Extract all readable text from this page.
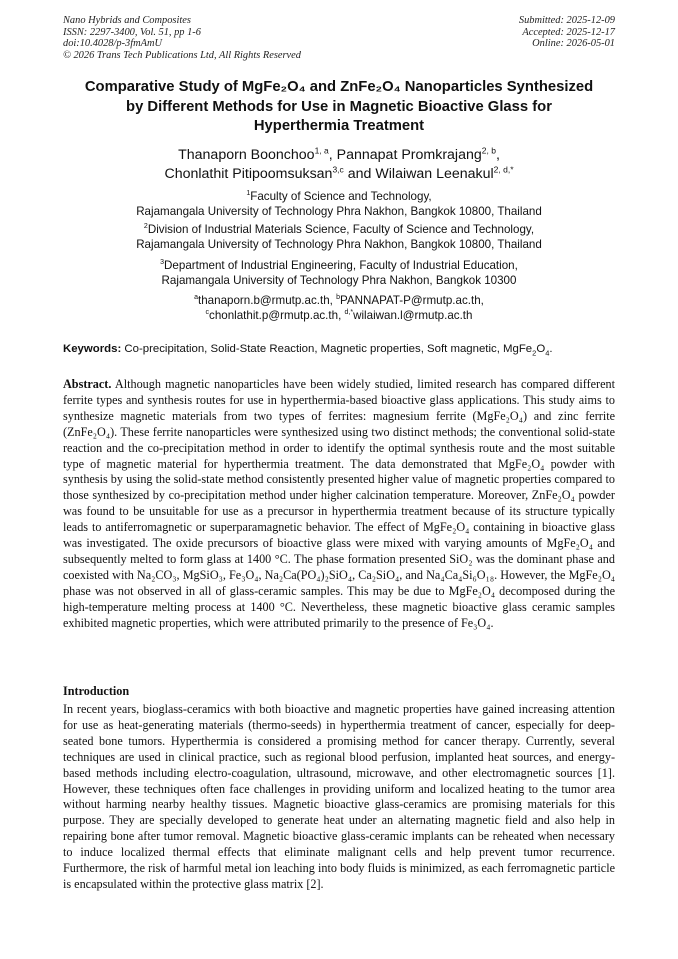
Nano Hybrids and Composites
ISSN: 2297-3400, Vol. 51, pp 1-6
doi:10.4028/p-3fmAmU
© 2026 Trans Tech Publications Ltd, All Rights Reserved
Submitted: 2025-12-09
Accepted: 2025-12-17
Online: 2026-05-01
Comparative Study of MgFe₂O₄ and ZnFe₂O₄ Nanoparticles Synthesized
by Different Methods for Use in Magnetic Bioactive Glass for
Hyperthermia Treatment
Thanaporn Boonchoo$^{1, a}$, Pannapat Promkrajang$^{2, b}$,
Chonlathit Pitipoomsuksan$^{3,c}$ and Wilaiwan Leenakul$^{2, d,*}$
$^1$Faculty of Science and Technology,
Rajamangala University of Technology Phra Nakhon, Bangkok 10800, Thailand
$^2$Division of Industrial Materials Science, Faculty of Science and Technology,
Rajamangala University of Technology Phra Nakhon, Bangkok 10800, Thailand
$^3$Department of Industrial Engineering, Faculty of Industrial Education,
Rajamangala University of Technology Phra Nakhon, Bangkok 10300
$^a$thanaporn.b@rmutp.ac.th, $^b$PANNAPAT-P@rmutp.ac.th,
$^c$chonlathit.p@rmutp.ac.th, $^{d,*}$wilaiwan.l@rmutp.ac.th
Keywords: Co-precipitation, Solid-State Reaction, Magnetic properties, Soft magnetic, $MgFe_2O_4$.
Abstract. Although magnetic nanoparticles have been widely studied, limited research has compared different ferrite types and synthesis routes for use in hyperthermia-based bioactive glass applications. This study aims to synthesize magnetic materials from two types of ferrites: magnesium ferrite (MgFe₂O₄) and zinc ferrite (ZnFe₂O₄). These ferrite nanoparticles were synthesized using two distinct methods; the conventional solid-state reaction and the co-precipitation method in order to identify the optimal synthesis route and the most suitable type of magnetic material for hyperthermia treatment. The data demonstrated that MgFe₂O₄ powder with synthesis by using the solid-state method consistently presented higher value of magnetic properties compared to those synthesized by co-precipitation method under higher calcination temperature. Moreover, ZnFe₂O₄ powder was found to be unsuitable for use as a precursor in hyperthermia treatment because of its structure typically leads to antiferromagnetic or superparamagnetic behavior. The effect of MgFe₂O₄ containing in bioactive glass was investigated. The oxide precursors of bioactive glass were mixed with varying amounts of MgFe₂O₄ and subsequently melted to form glass at 1400 °C. The phase formation presented SiO₂ was the dominant phase and coexisted with Na₂CO₃, MgSiO₃, Fe₃O₄, Na₂Ca(PO₄)₂SiO₄, Ca₂SiO₄, and Na₄Ca₄Si₆O₁₈. However, the MgFe₂O₄ phase was not observed in all of glass-ceramic samples. This may be due to MgFe₂O₄ decomposed during the high-temperature melting process at 1400 °C. Nevertheless, these magnetic bioactive glass ceramic samples exhibited magnetic properties, which were attributed primarily to the presence of Fe₃O₄.
Introduction
In recent years, bioglass-ceramics with both bioactive and magnetic properties have gained increasing attention for use as heat-generating materials (thermo-seeds) in hyperthermia treatment of cancer, especially for deep-seated bone tumors. Hyperthermia is considered a promising method for cancer therapy. Currently, several techniques are used in clinical practice, such as regional blood perfusion, implanted heat sources, and energy-based methods including electro-coagulation, ultrasound, microwave, and other electromagnetic sources [1]. However, these techniques often face challenges in providing uniform and localized heating to the tumor area without harming nearby healthy tissues. Magnetic bioactive glass-ceramics are promising materials for this purpose. They are specially developed to generate heat under an alternating magnetic field and also help in repairing bone after tumor removal. Magnetic bioactive glass-ceramic implants can be reheated when necessary to induce localized thermal effects that eliminate malignant cells and help prevent tumor recurrence. Furthermore, the risk of harmful metal ion leaching into body fluids is minimized, as each ferromagnetic particle is encapsulated within the protective glass matrix [2].
